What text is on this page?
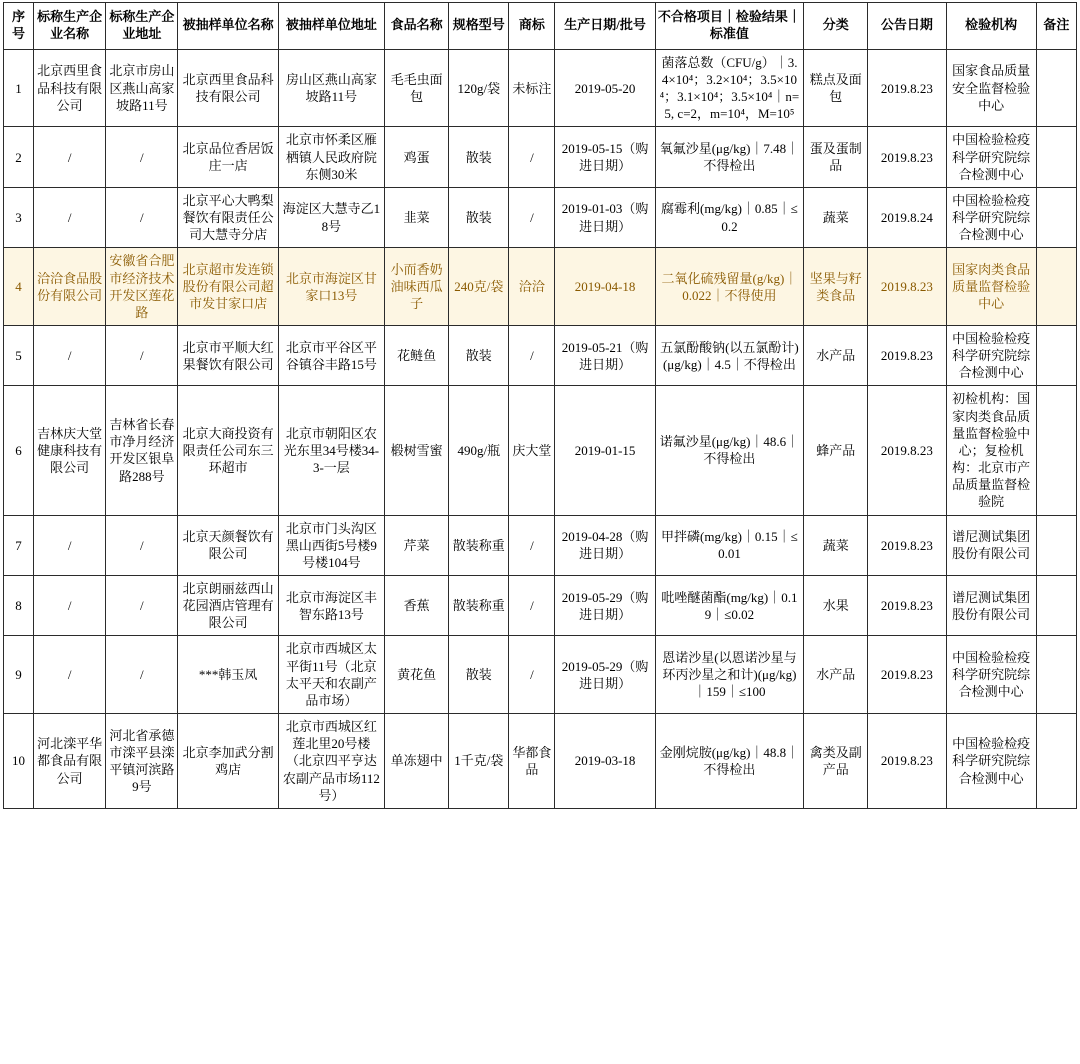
序号	标称生产企业名称	标称生产企业地址	被抽样单位名称	被抽样单位地址	食品名称	规格型号	商标	生产日期/批号	不合格项目｜检验结果｜标准值	分类	公告日期	检验机构	备注
1	北京西里食品科技有限公司	北京市房山区燕山高家坡路11号	北京西里食品科技有限公司	房山区燕山高家坡路11号	毛毛虫面包	120g/袋	未标注	2019-05-20	菌落总数（CFU/g）｜3.4×10⁴；3.2×10⁴；3.5×10⁴；3.1×10⁴；3.5×10⁴｜n=5, c=2，m=10⁴，M=10⁵	糕点及面包	2019.8.23	国家食品质量安全监督检验中心	
2	/	/	北京品位香居饭庄一店	北京市怀柔区雁栖镇人民政府院东侧30米	鸡蛋	散装	/	2019-05-15（购进日期）	氧氟沙星(μg/kg)｜7.48｜不得检出	蛋及蛋制品	2019.8.23	中国检验检疫科学研究院综合检测中心	
3	/	/	北京平心大鸭梨餐饮有限责任公司大慧寺分店	海淀区大慧寺乙18号	韭菜	散装	/	2019-01-03（购进日期）	腐霉利(mg/kg)｜0.85｜≤0.2	蔬菜	2019.8.24	中国检验检疫科学研究院综合检测中心	
4	洽洽食品股份有限公司	安徽省合肥市经济技术开发区莲花路	北京超市发连锁股份有限公司超市发甘家口店	北京市海淀区甘家口13号	小而香奶油味西瓜子	240克/袋	洽洽	2019-04-18	二氧化硫残留量(g/kg)｜0.022｜不得使用	坚果与籽类食品	2019.8.23	国家肉类食品质量监督检验中心	
5	/	/	北京市平顺大红果餐饮有限公司	北京市平谷区平谷镇谷丰路15号	花鲢鱼	散装	/	2019-05-21（购进日期）	五氯酚酸钠(以五氯酚计)(μg/kg)｜4.5｜不得检出	水产品	2019.8.23	中国检验检疫科学研究院综合检测中心	
6	吉林庆大堂健康科技有限公司	吉林省长春市净月经济开发区银阜路288号	北京大商投资有限责任公司东三环超市	北京市朝阳区农光东里34号楼34-3-一层	椴树雪蜜	490g/瓶	庆大堂	2019-01-15	诺氟沙星(μg/kg)｜48.6｜不得检出	蜂产品	2019.8.23	初检机构：国家肉类食品质量监督检验中心；复检机构：北京市产品质量监督检验院	
7	/	/	北京天颜餐饮有限公司	北京市门头沟区黑山西街5号楼9号楼104号	芹菜	散装称重	/	2019-04-28（购进日期）	甲拌磷(mg/kg)｜0.15｜≤0.01	蔬菜	2019.8.23	谱尼测试集团股份有限公司	
8	/	/	北京朗丽兹西山花园酒店管理有限公司	北京市海淀区丰智东路13号	香蕉	散装称重	/	2019-05-29（购进日期）	吡唑醚菌酯(mg/kg)｜0.19｜≤0.02	水果	2019.8.23	谱尼测试集团股份有限公司	
9	/	/	***韩玉凤	北京市西城区太平街11号（北京太平天和农副产品市场）	黄花鱼	散装	/	2019-05-29（购进日期）	恩诺沙星(以恩诺沙星与环丙沙星之和计)(μg/kg)｜159｜≤100	水产品	2019.8.23	中国检验检疫科学研究院综合检测中心	
10	河北滦平华都食品有限公司	河北省承德市滦平县滦平镇河滨路9号	北京李加武分割鸡店	北京市西城区红莲北里20号楼（北京四平亨达农副产品市场112号）	单冻翅中	1千克/袋	华都食品	2019-03-18	金刚烷胺(μg/kg)｜48.8｜不得检出	禽类及副产品	2019.8.23	中国检验检疫科学研究院综合检测中心	
